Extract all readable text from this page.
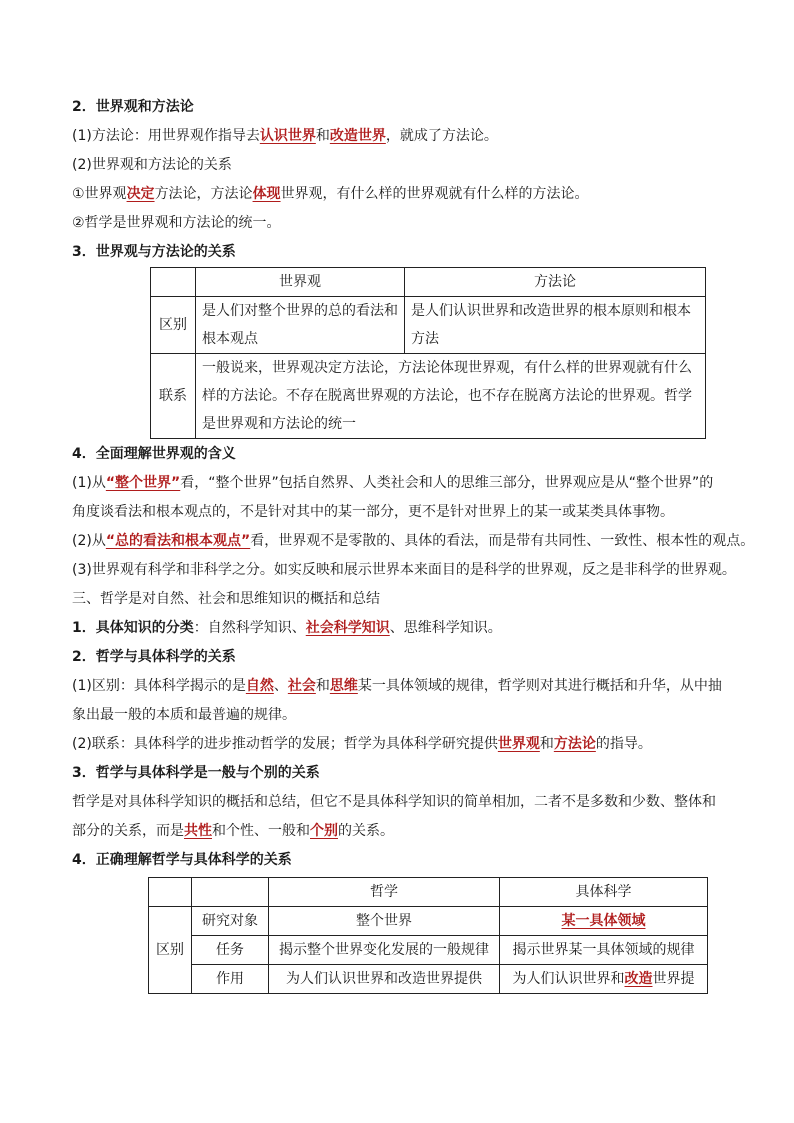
2．世界观和方法论
(1)方法论：用世界观作指导去认识世界和改造世界，就成了方法论。
(2)世界观和方法论的关系
①世界观决定方法论，方法论体现世界观，有什么样的世界观就有什么样的方法论。
②哲学是世界观和方法论的统一。
3．世界观与方法论的关系
	世界观	方法论
区别	是人们对整个世界的总的看法和根本观点	是人们认识世界和改造世界的根本原则和根本方法
联系	一般说来，世界观决定方法论，方法论体现世界观，有什么样的世界观就有什么样的方法论。不存在脱离世界观的方法论，也不存在脱离方法论的世界观。哲学是世界观和方法论的统一	
4．全面理解世界观的含义
(1)从“整个世界”看，“整个世界”包括自然界、人类社会和人的思维三部分，世界观应是从“整个世界”的角度谈看法和根本观点的，不是针对其中的某一部分，更不是针对世界上的某一或某类具体事物。
(2)从“总的看法和根本观点”看，世界观不是零散的、具体的看法，而是带有共同性、一致性、根本性的观点。
(3)世界观有科学和非科学之分。如实反映和展示世界本来面目的是科学的世界观，反之是非科学的世界观。
三、哲学是对自然、社会和思维知识的概括和总结
1．具体知识的分类：自然科学知识、社会科学知识、思维科学知识。
2．哲学与具体科学的关系
(1)区别：具体科学揭示的是自然、社会和思维某一具体领域的规律，哲学则对其进行概括和升华，从中抽象出最一般的本质和最普遍的规律。
(2)联系：具体科学的进步推动哲学的发展；哲学为具体科学研究提供世界观和方法论的指导。
3．哲学与具体科学是一般与个别的关系
哲学是对具体科学知识的概括和总结，但它不是具体科学知识的简单相加，二者不是多数和少数、整体和部分的关系，而是共性和个性、一般和个别的关系。
4．正确理解哲学与具体科学的关系
		哲学	具体科学
区别	研究对象	整个世界	某一具体领域
	任务	揭示整个世界变化发展的一般规律	揭示世界某一具体领域的规律
	作用	为人们认识世界和改造世界提供	为人们认识世界和改造世界提
